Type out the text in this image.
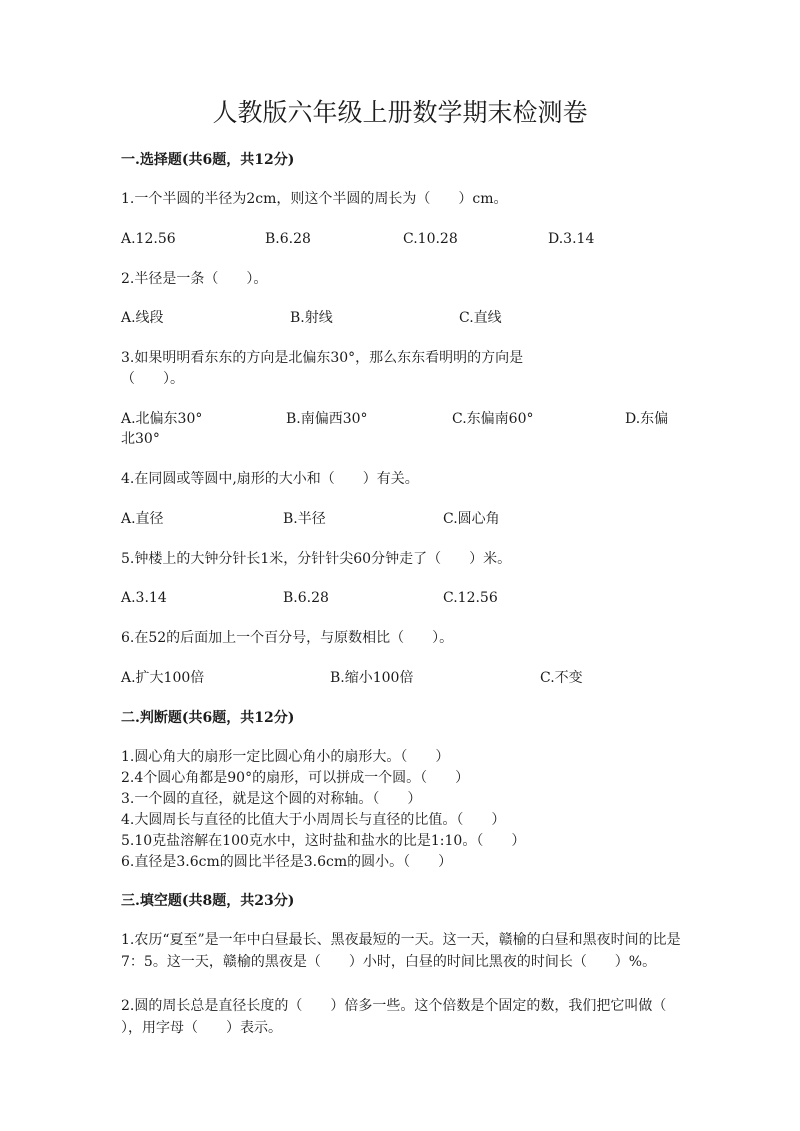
人教版六年级上册数学期末检测卷
一.选择题(共6题，共12分)
1.一个半圆的半径为2cm，则这个半圆的周长为（　　）cm。
A.12.56	B.6.28	C.10.28	D.3.14
2.半径是一条（　　）。
A.线段	B.射线	C.直线
3.如果明明看东东的方向是北偏东30°，那么东东看明明的方向是
（　　）。
A.北偏东30°	B.南偏西30°	C.东偏南60°	D.东偏
北30°
4.在同圆或等圆中,扇形的大小和（　　）有关。
A.直径	B.半径	C.圆心角
5.钟楼上的大钟分针长1米，分针针尖60分钟走了（　　）米。
A.3.14	B.6.28	C.12.56
6.在52的后面加上一个百分号，与原数相比（　　）。
A.扩大100倍	B.缩小100倍	C.不变
二.判断题(共6题，共12分)
1.圆心角大的扇形一定比圆心角小的扇形大。（　　）
2.4个圆心角都是90°的扇形，可以拼成一个圆。（　　）
3.一个圆的直径，就是这个圆的对称轴。（　　）
4.大圆周长与直径的比值大于小周周长与直径的比值。（　　）
5.10克盐溶解在100克水中，这时盐和盐水的比是1:10。（　　）
6.直径是3.6cm的圆比半径是3.6cm的圆小。（　　）
三.填空题(共8题，共23分)
1.农历“夏至”是一年中白昼最长、黑夜最短的一天。这一天，赣榆的白昼和黑夜时间的比是7：5。这一天，赣榆的黑夜是（　　）小时，白昼的时间比黑夜的时间长（　　）%。
2.圆的周长总是直径长度的（　　）倍多一些。这个倍数是个固定的数，我们把它叫做（　　），用字母（　　）表示。
